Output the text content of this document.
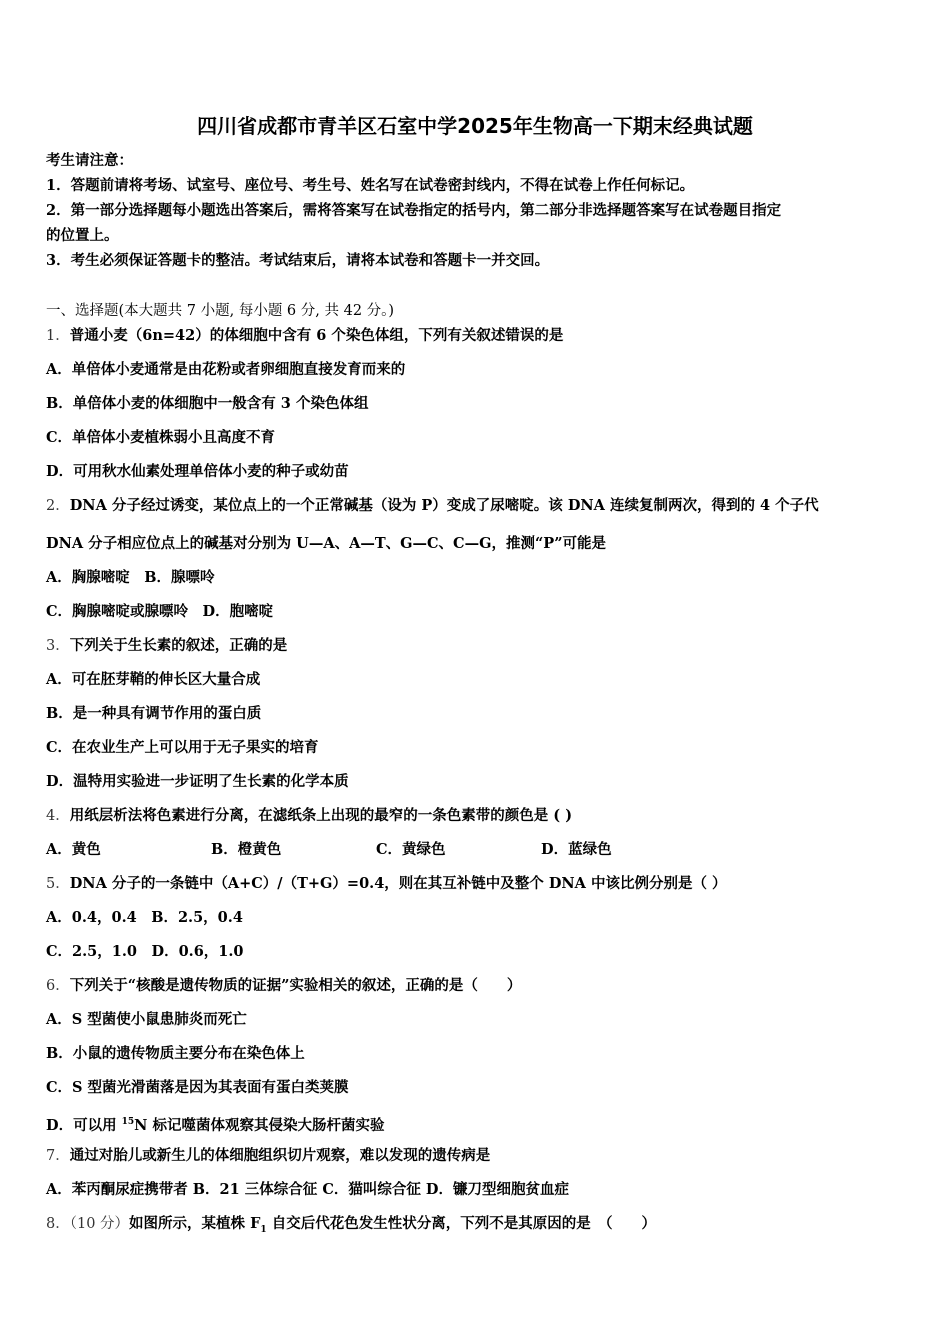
四川省成都市青羊区石室中学2025年生物高一下期末经典试题
考生请注意：
1．答题前请将考场、试室号、座位号、考生号、姓名写在试卷密封线内，不得在试卷上作任何标记。
2．第一部分选择题每小题选出答案后，需将答案写在试卷指定的括号内，第二部分非选择题答案写在试卷题目指定
的位置上。
3．考生必须保证答题卡的整洁。考试结束后，请将本试卷和答题卡一并交回。
一、选择题(本大题共 7 小题, 每小题 6 分, 共 42 分。)
1．普通小麦（6n=42）的体细胞中含有 6 个染色体组，下列有关叙述错误的是
A．单倍体小麦通常是由花粉或者卵细胞直接发育而来的
B．单倍体小麦的体细胞中一般含有 3 个染色体组
C．单倍体小麦植株弱小且高度不育
D．可用秋水仙素处理单倍体小麦的种子或幼苗
2．DNA 分子经过诱变，某位点上的一个正常碱基（设为 P）变成了尿嘧啶。该 DNA 连续复制两次，得到的 4 个子代
DNA 分子相应位点上的碱基对分别为 U—A、A—T、G—C、C—G，推测“P”可能是
A．胸腺嘧啶　B．腺嘌呤
C．胸腺嘧啶或腺嘌呤　D．胞嘧啶
3．下列关于生长素的叙述，正确的是
A．可在胚芽鞘的伸长区大量合成
B．是一种具有调节作用的蛋白质
C．在农业生产上可以用于无子果实的培育
D．温特用实验进一步证明了生长素的化学本质
4．用纸层析法将色素进行分离，在滤纸条上出现的最窄的一条色素带的颜色是 ( )
A．黄色	B．橙黄色	C．黄绿色	D．蓝绿色
5．DNA 分子的一条链中（A+C）/（T+G）=0.4，则在其互补链中及整个 DNA 中该比例分别是（ ）
A．0.4，0.4　B．2.5，0.4
C．2.5，1.0　D．0.6，1.0
6．下列关于“核酸是遗传物质的证据”实验相关的叙述，正确的是（　　）
A．S 型菌使小鼠患肺炎而死亡
B．小鼠的遗传物质主要分布在染色体上
C．S 型菌光滑菌落是因为其表面有蛋白类荚膜
D．可以用 $^{15}$N 标记噬菌体观察其侵染大肠杆菌实验
7．通过对胎儿或新生儿的体细胞组织切片观察，难以发现的遗传病是
A．苯丙酮尿症携带者 B．21 三体综合征 C．猫叫综合征 D．镰刀型细胞贫血症
8．（10 分）如图所示，某植株 $F_1$ 自交后代花色发生性状分离，下列不是其原因的是　（　　）
